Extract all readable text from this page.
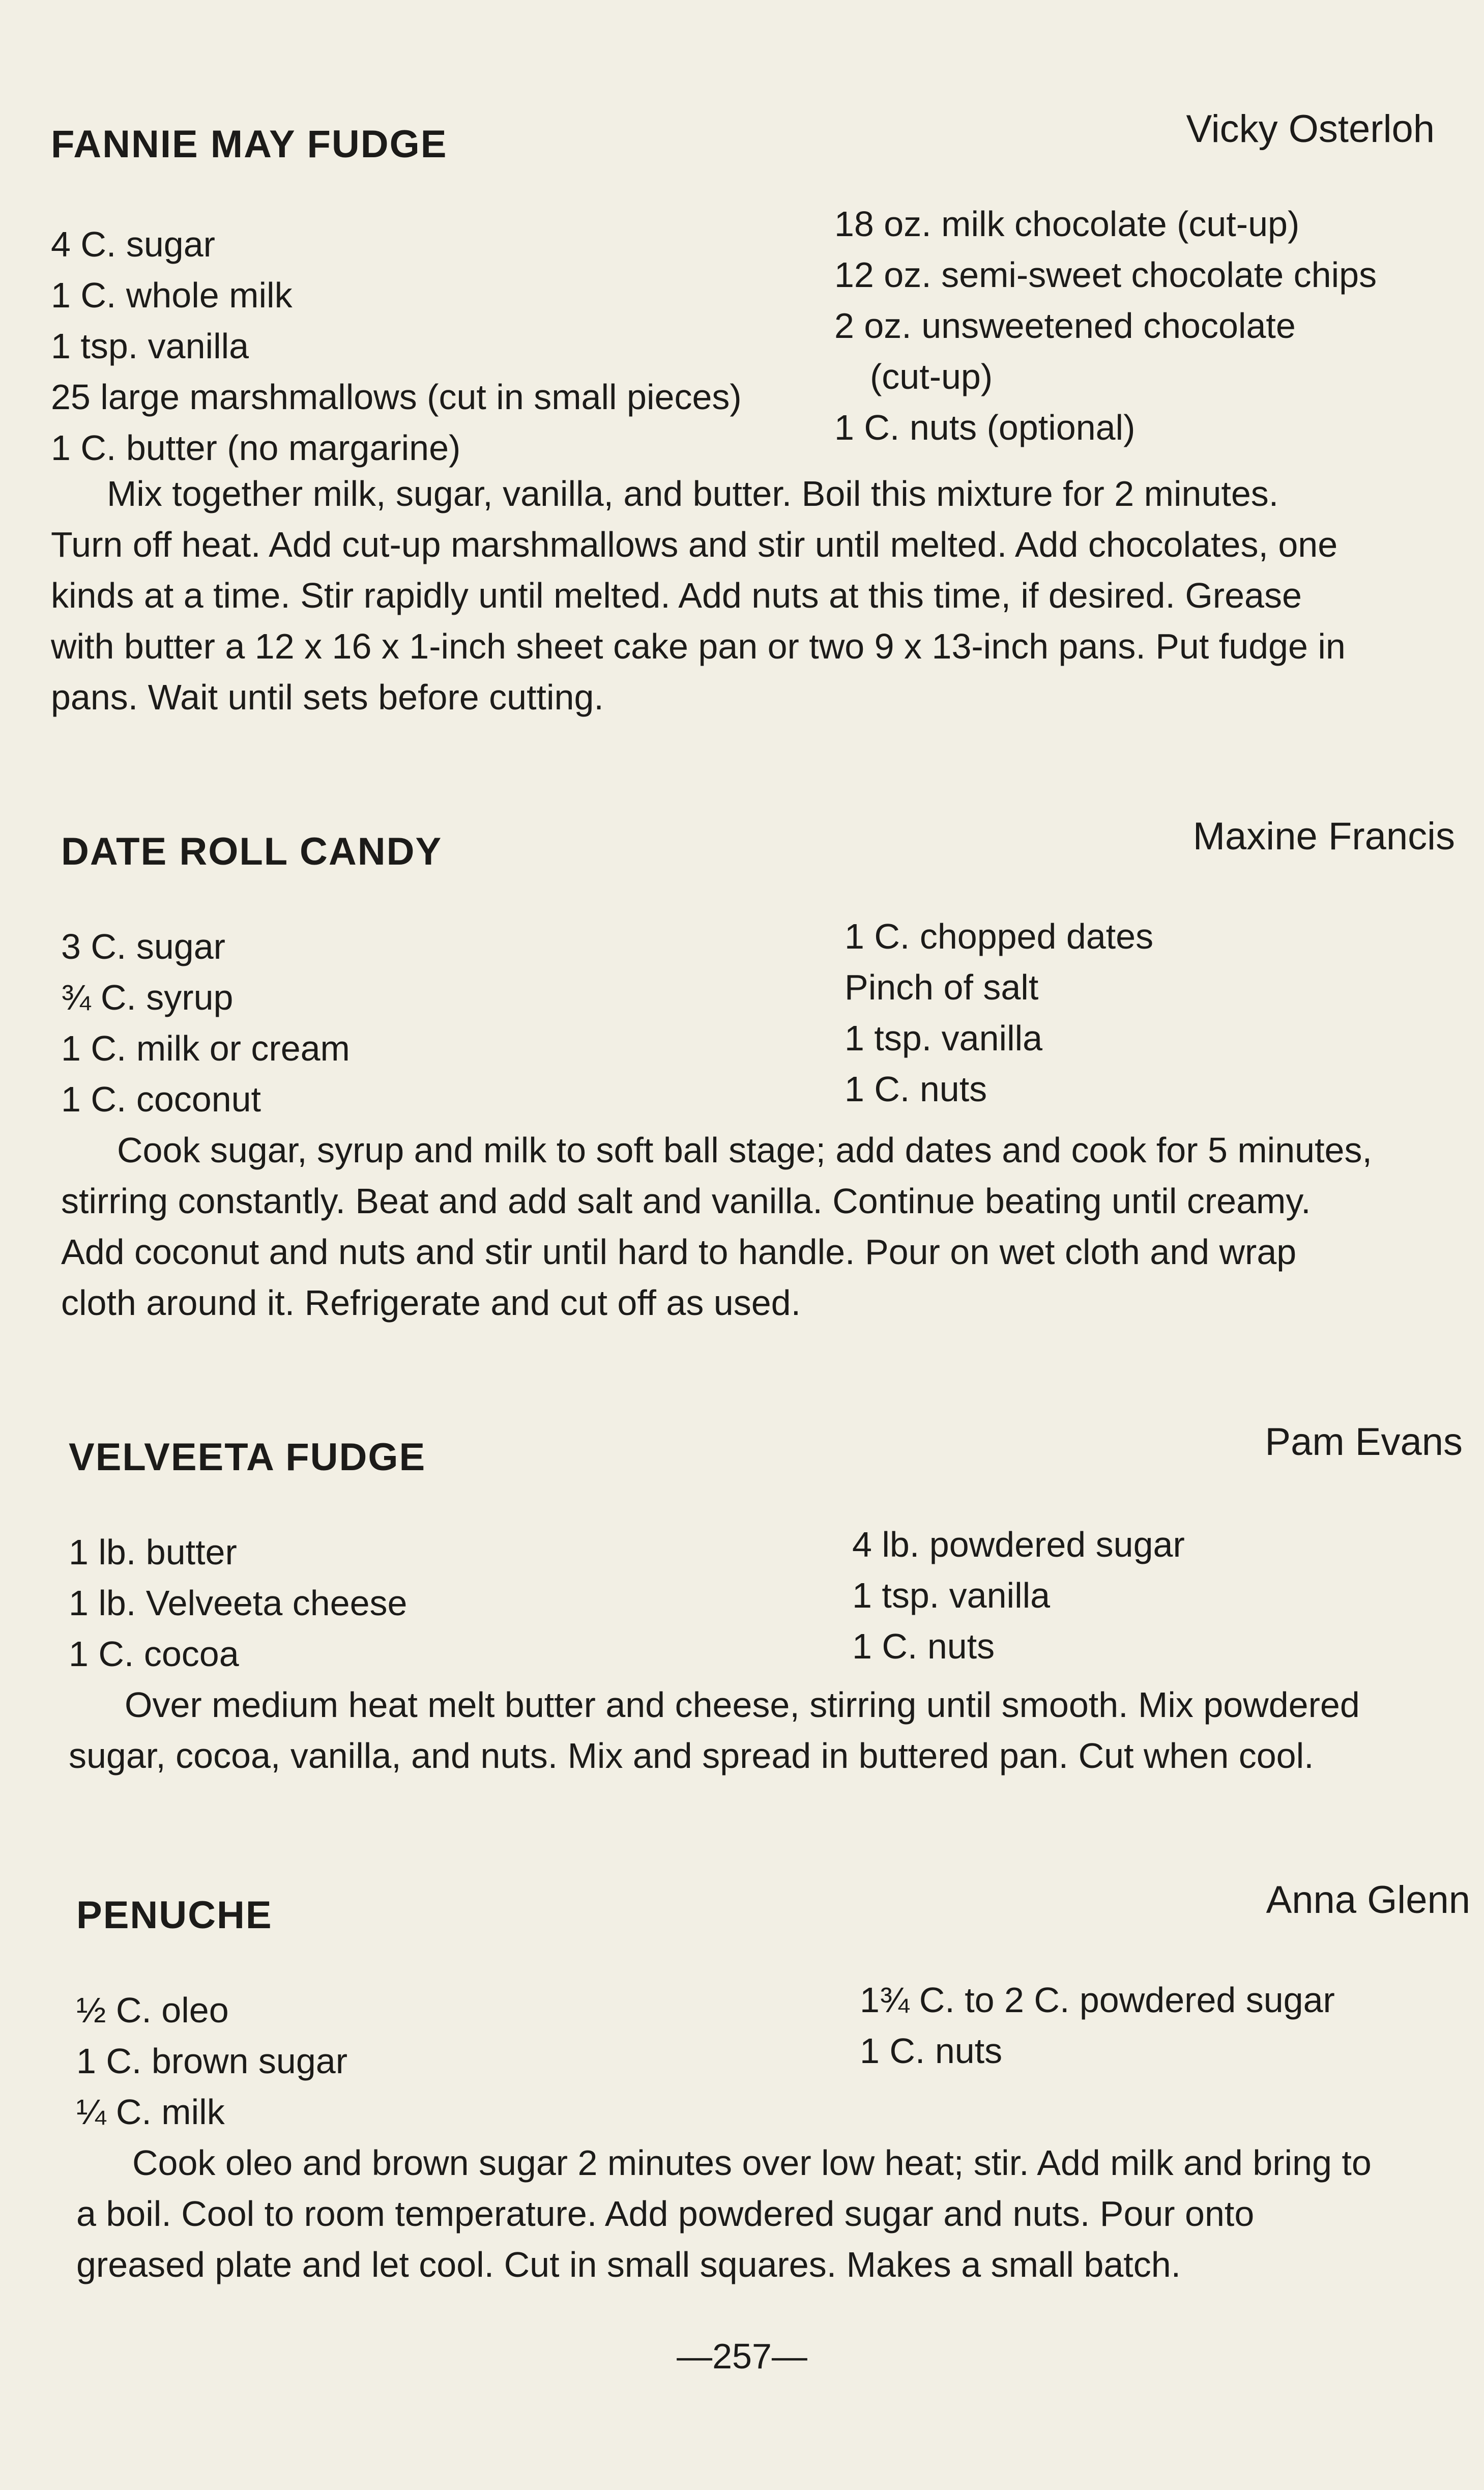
FANNIE MAY FUDGE	Vicky Osterloh
4 C. sugar
1 C. whole milk
1 tsp. vanilla
25 large marshmallows (cut in small pieces)
1 C. butter (no margarine)
18 oz. milk chocolate (cut-up)
12 oz. semi-sweet chocolate chips
2 oz. unsweetened chocolate
(cut-up)
1 C. nuts (optional)
Mix together milk, sugar, vanilla, and butter. Boil this mixture for 2 minutes.
Turn off heat. Add cut-up marshmallows and stir until melted. Add chocolates, one
kinds at a time. Stir rapidly until melted. Add nuts at this time, if desired. Grease
with butter a 12 x 16 x 1-inch sheet cake pan or two 9 x 13-inch pans. Put fudge in
pans. Wait until sets before cutting.
DATE ROLL CANDY	Maxine Francis
3 C. sugar
¾ C. syrup
1 C. milk or cream
1 C. coconut
1 C. chopped dates
Pinch of salt
1 tsp. vanilla
1 C. nuts
Cook sugar, syrup and milk to soft ball stage; add dates and cook for 5 minutes,
stirring constantly. Beat and add salt and vanilla. Continue beating until creamy.
Add coconut and nuts and stir until hard to handle. Pour on wet cloth and wrap
cloth around it. Refrigerate and cut off as used.
VELVEETA FUDGE	Pam Evans
1 lb. butter
1 lb. Velveeta cheese
1 C. cocoa
4 lb. powdered sugar
1 tsp. vanilla
1 C. nuts
Over medium heat melt butter and cheese, stirring until smooth. Mix powdered
sugar, cocoa, vanilla, and nuts. Mix and spread in buttered pan. Cut when cool.
PENUCHE	Anna Glenn
½ C. oleo
1 C. brown sugar
¼ C. milk
1¾ C. to 2 C. powdered sugar
1 C. nuts
Cook oleo and brown sugar 2 minutes over low heat; stir. Add milk and bring to
a boil. Cool to room temperature. Add powdered sugar and nuts. Pour onto
greased plate and let cool. Cut in small squares. Makes a small batch.
—257—
